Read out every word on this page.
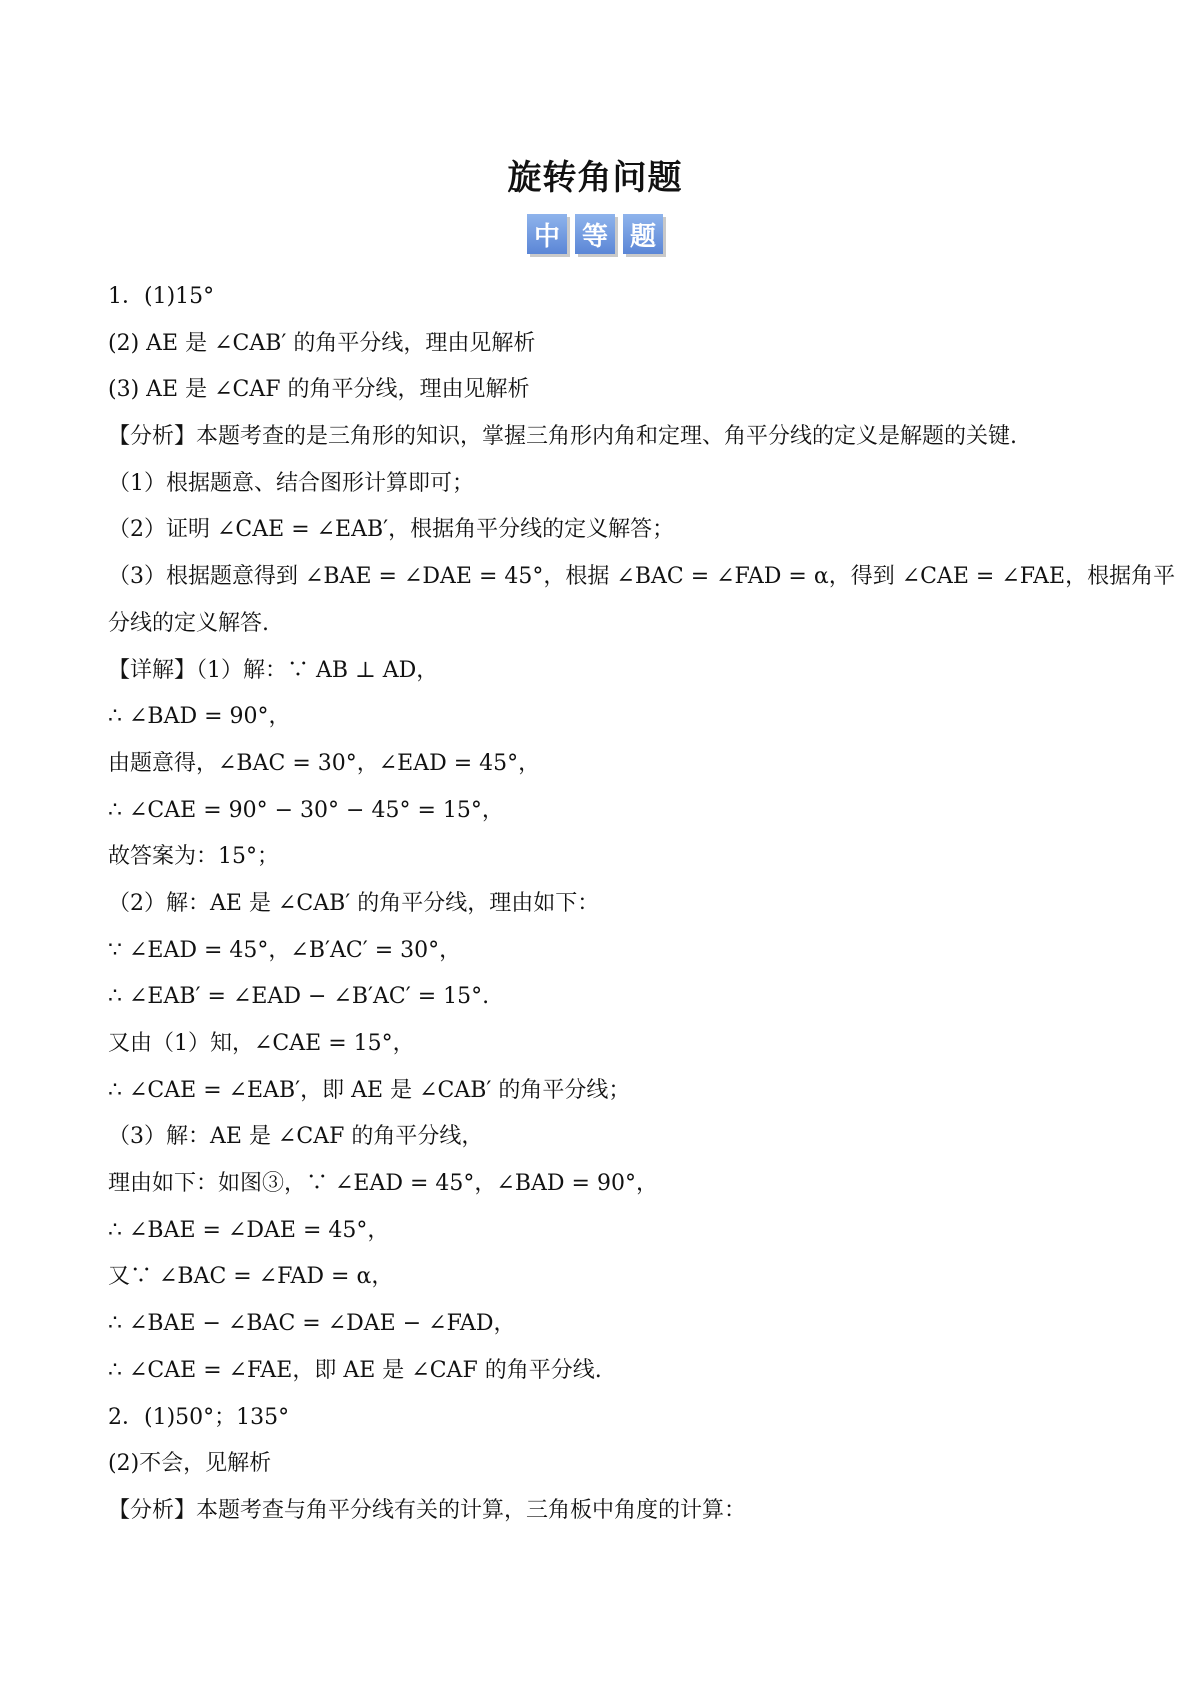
旋转角问题
中 等 题
1．(1)15°
(2) AE 是 ∠CAB′ 的角平分线，理由见解析
(3) AE 是 ∠CAF 的角平分线，理由见解析
【分析】本题考查的是三角形的知识，掌握三角形内角和定理、角平分线的定义是解题的关键.
（1）根据题意、结合图形计算即可；
（2）证明 ∠CAE = ∠EAB′，根据角平分线的定义解答；
（3）根据题意得到 ∠BAE = ∠DAE = 45°，根据 ∠BAC = ∠FAD = α，得到 ∠CAE = ∠FAE，根据角平
分线的定义解答.
【详解】（1）解：∵ AB ⊥ AD，
∴ ∠BAD = 90°，
由题意得，∠BAC = 30°，∠EAD = 45°，
∴ ∠CAE = 90° − 30° − 45° = 15°，
故答案为：15°；
（2）解：AE 是 ∠CAB′ 的角平分线，理由如下：
∵ ∠EAD = 45°，∠B′AC′ = 30°，
∴ ∠EAB′ = ∠EAD − ∠B′AC′ = 15°.
又由（1）知，∠CAE = 15°，
∴ ∠CAE = ∠EAB′，即 AE 是 ∠CAB′ 的角平分线；
（3）解：AE 是 ∠CAF 的角平分线，
理由如下：如图③，∵ ∠EAD = 45°，∠BAD = 90°，
∴ ∠BAE = ∠DAE = 45°，
又∵ ∠BAC = ∠FAD = α，
∴ ∠BAE − ∠BAC = ∠DAE − ∠FAD，
∴ ∠CAE = ∠FAE，即 AE 是 ∠CAF 的角平分线.
2．(1)50°；135°
(2)不会，见解析
【分析】本题考查与角平分线有关的计算，三角板中角度的计算：
